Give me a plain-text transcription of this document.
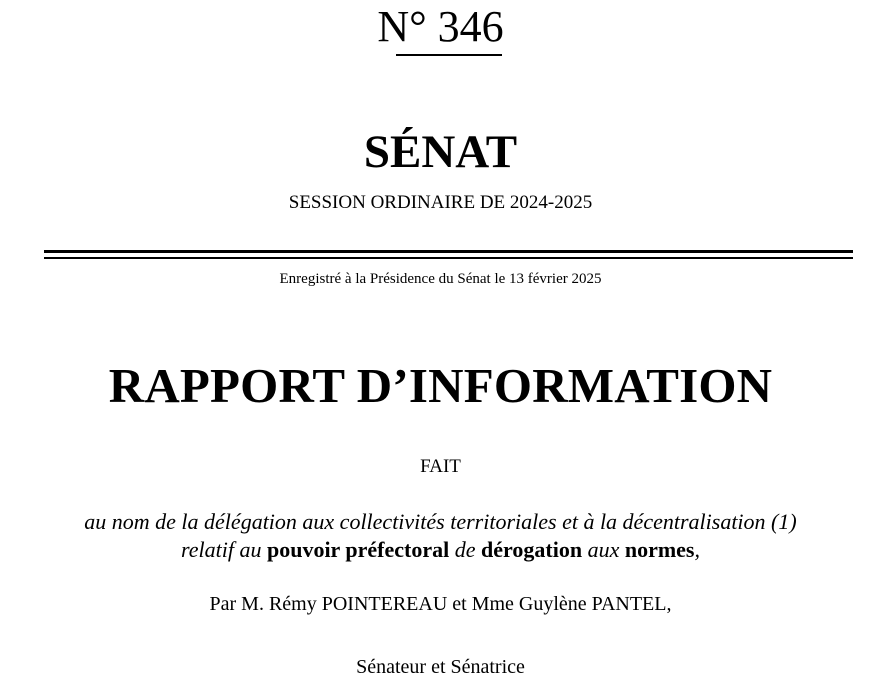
N° 346
SÉNAT
SESSION ORDINAIRE DE 2024-2025
Enregistré à la Présidence du Sénat le 13 février 2025
RAPPORT D’INFORMATION
FAIT
au nom de la délégation aux collectivités territoriales et à la décentralisation (1)
relatif au pouvoir préfectoral de dérogation aux normes,
Par M. Rémy POINTEREAU et Mme Guylène PANTEL,
Sénateur et Sénatrice
